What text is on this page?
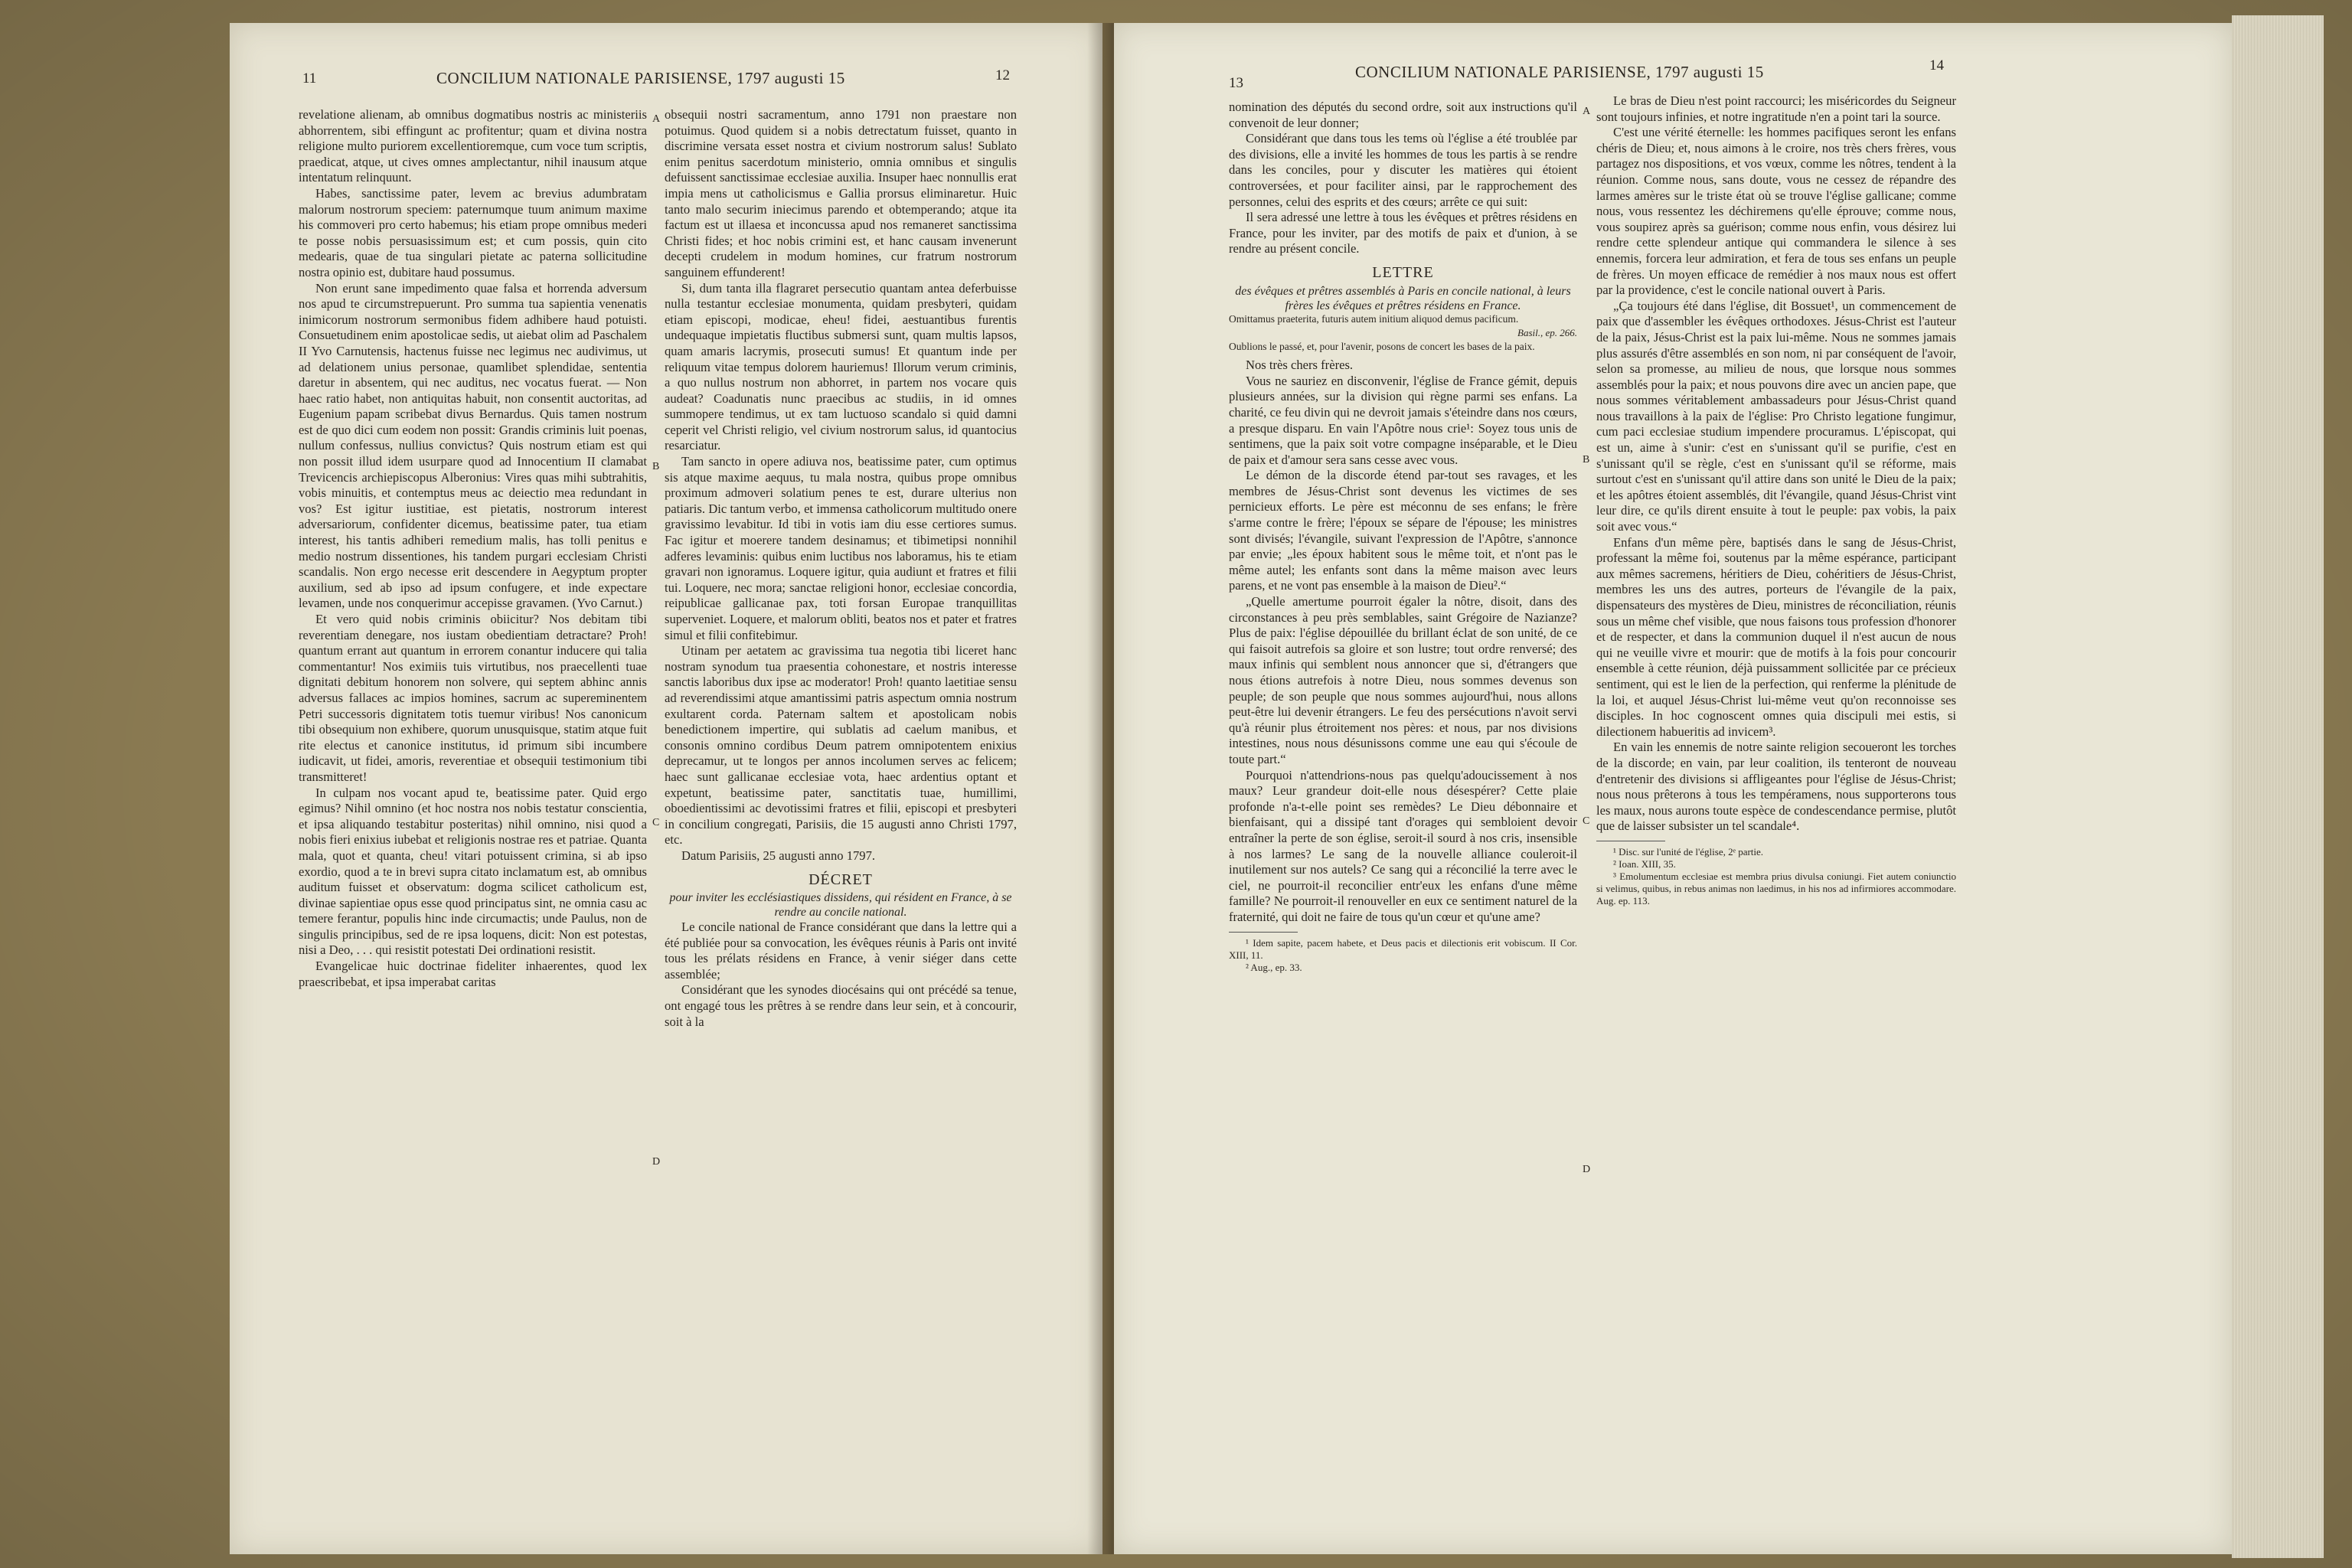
11	CONCILIUM NATIONALE PARISIENSE, 1797 augusti 15	12

revelatione alienam, ab omnibus dogmatibus nostris ac ministeriis abhorrentem, sibi effingunt ac profitentur; quam et divina nostra religione multo puriorem excellentioremque, cum voce tum scriptis, praedicat, atque, ut cives omnes amplectantur, nihil inausum atque intentatum relinquunt.

Habes, sanctissime pater, levem ac brevius adumbratam malorum nostrorum speciem: paternumque tuum animum maxime his commoveri pro certo habemus; his etiam prope omnibus mederi te posse nobis persuasissimum est; et cum possis, quin cito medearis, quae de tua singulari pietate ac paterna sollicitudine nostra opinio est, dubitare haud possumus.

Non erunt sane impedimento quae falsa et horrenda adversum nos apud te circumstrepuerunt. Pro summa tua sapientia venenatis inimicorum nostrorum sermonibus fidem adhibere haud potuisti. Consuetudinem enim apostolicae sedis, ut aiebat olim ad Paschalem II Yvo Carnutensis, hactenus fuisse nec legimus nec audivimus, ut ad delationem unius personae, quamlibet splendidae, sententia daretur in absentem, qui nec auditus, nec vocatus fuerat. — Non haec ratio habet, non antiquitas habuit, non consentit auctoritas, ad Eugenium papam scribebat divus Bernardus. Quis tamen nostrum est de quo dici cum eodem non possit: Grandis criminis luit poenas, nullum confessus, nullius convictus? Quis nostrum etiam est qui non possit illud idem usurpare quod ad Innocentium II clamabat Trevicencis archiepiscopus Alberonius: Vires quas mihi subtrahitis, vobis minuitis, et contemptus meus ac deiectio mea redundant in vos? Est igitur iustitiae, est pietatis, nostrorum interest adversariorum, confidenter dicemus, beatissime pater, tua etiam interest, his tantis adhiberi remedium malis, has tolli penitus e medio nostrum dissentiones, his tandem purgari ecclesiam Christi scandalis. Non ergo necesse erit descendere in Aegyptum propter auxilium, sed ab ipso ad ipsum confugere, et inde expectare levamen, unde nos conquerimur accepisse gravamen. (Yvo Carnut.)

Et vero quid nobis criminis obiicitur? Nos debitam tibi reverentiam denegare, nos iustam obedientiam detractare? Proh! quantum errant aut quantum in errorem conantur inducere qui talia commentantur! Nos eximiis tuis virtutibus, nos praecellenti tuae dignitati debitum honorem non solvere, qui septem abhinc annis adversus fallaces ac impios homines, sacrum ac supereminentem Petri successoris dignitatem totis tuemur viribus! Nos canonicum tibi obsequium non exhibere, quorum unusquisque, statim atque fuit rite electus et canonice institutus, id primum sibi incumbere iudicavit, ut fidei, amoris, reverentiae et obsequii testimonium tibi transmitteret!

In culpam nos vocant apud te, beatissime pater. Quid ergo egimus? Nihil omnino (et hoc nostra nos nobis testatur conscientia, et ipsa aliquando testabitur posteritas) nihil omnino, nisi quod a nobis fieri enixius iubebat et religionis nostrae res et patriae. Quanta mala, quot et quanta, cheu! vitari potuissent crimina, si ab ipso exordio, quod a te in brevi supra citato inclamatum est, ab omnibus auditum fuisset et observatum: dogma scilicet catholicum est, divinae sapientiae opus esse quod principatus sint, ne omnia casu ac temere ferantur, populis hinc inde circumactis; unde Paulus, non de singulis principibus, sed de re ipsa loquens, dicit: Non est potestas, nisi a Deo, . . . qui resistit potestati Dei ordinationi resistit.

Evangelicae huic doctrinae fideliter inhaerentes, quod lex praescribebat, et ipsa imperabat caritas

A
B
C
D

obsequii nostri sacramentum, anno 1791 non praestare non potuimus. Quod quidem si a nobis detrectatum fuisset, quanto in discrimine versata esset nostra et civium nostrorum salus! Sublato enim penitus sacerdotum ministerio, omnia omnibus et singulis defuissent sanctissimae ecclesiae auxilia. Insuper haec nonnullis erat impia mens ut catholicismus e Gallia prorsus eliminaretur. Huic tanto malo securim iniecimus parendo et obtemperando; atque ita factum est ut illaesa et inconcussa apud nos remaneret sanctissima Christi fides; et hoc nobis crimini est, et hanc causam invenerunt decepti crudelem in modum homines, cur fratrum nostrorum sanguinem effunderent!

Si, dum tanta illa flagraret persecutio quantam antea deferbuisse nulla testantur ecclesiae monumenta, quidam presbyteri, quidam etiam episcopi, modicae, eheu! fidei, aestuantibus furentis undequaque impietatis fluctibus submersi sunt, quam multis lapsos, quam amaris lacrymis, prosecuti sumus! Et quantum inde per reliquum vitae tempus dolorem hauriemus! Illorum verum criminis, a quo nullus nostrum non abhorret, in partem nos vocare quis audeat? Coadunatis nunc praecibus ac studiis, in id omnes summopere tendimus, ut ex tam luctuoso scandalo si quid damni ceperit vel Christi religio, vel civium nostrorum salus, id quantocius resarciatur.

Tam sancto in opere adiuva nos, beatissime pater, cum optimus sis atque maxime aequus, tu mala nostra, quibus prope omnibus proximum admoveri solatium penes te est, durare ulterius non patiaris. Dic tantum verbo, et immensa catholicorum multitudo onere gravissimo levabitur. Id tibi in votis iam diu esse certiores sumus. Fac igitur et moerere tandem desinamus; et tibimetipsi nonnihil adferes levaminis: quibus enim luctibus nos laboramus, his te etiam gravari non ignoramus. Loquere igitur, quia audiunt et fratres et filii tui. Loquere, nec mora; sanctae religioni honor, ecclesiae concordia, reipublicae gallicanae pax, toti forsan Europae tranquillitas superveniet. Loquere, et malorum obliti, beatos nos et pater et fratres simul et filii confitebimur.

Utinam per aetatem ac gravissima tua negotia tibi liceret hanc nostram synodum tua praesentia cohonestare, et nostris interesse sanctis laboribus dux ipse ac moderator! Proh! quanto laetitiae sensu ad reverendissimi atque amantissimi patris aspectum omnia nostrum exultarent corda. Paternam saltem et apostolicam nobis benedictionem impertire, qui sublatis ad caelum manibus, et consonis omnino cordibus Deum patrem omnipotentem enixius deprecamur, ut te longos per annos incolumen serves ac felicem; haec sunt gallicanae ecclesiae vota, haec ardentius optant et expetunt, beatissime pater, sanctitatis tuae, humillimi, oboedientissimi ac devotissimi fratres et filii, episcopi et presbyteri in concilium congregati, Parisiis, die 15 augusti anno Christi 1797, etc.

Datum Parisiis, 25 augusti anno 1797.

DÉCRET

pour inviter les ecclésiastiques dissidens, qui résident en France, à se rendre au concile national.

Le concile national de France considérant que dans la lettre qui a été publiée pour sa convocation, les évêques réunis à Paris ont invité tous les prélats résidens en France, à venir siéger dans cette assemblée;

Considérant que les synodes diocésains qui ont précédé sa tenue, ont engagé tous les prêtres à se rendre dans leur sein, et à concourir, soit à la

13
CONCILIUM NATIONALE PARISIENSE, 1797 augusti 15	14

nomination des députés du second ordre, soit aux instructions qu'il convenoit de leur donner;

Considérant que dans tous les tems où l'église a été troublée par des divisions, elle a invité les hommes de tous les partis à se rendre dans les conciles, pour y discuter les matières qui étoient controversées, et pour faciliter ainsi, par le rapprochement des personnes, celui des esprits et des cœurs; arrête ce qui suit:

Il sera adressé une lettre à tous les évêques et prêtres résidens en France, pour les inviter, par des motifs de paix et d'union, à se rendre au présent concile.

LETTRE

des évêques et prêtres assemblés à Paris en concile national, à leurs frères les évêques et prêtres résidens en France.

Omittamus praeterita, futuris autem initium aliquod demus pacificum.

Basil., ep. 266.

Oublions le passé, et, pour l'avenir, posons de concert les bases de la paix.

Nos très chers frères.

Vous ne sauriez en disconvenir, l'église de France gémit, depuis plusieurs années, sur la division qui règne parmi ses enfans. La charité, ce feu divin qui ne devroit jamais s'éteindre dans nos cœurs, a presque disparu. En vain l'Apôtre nous crie¹: Soyez tous unis de sentimens, que la paix soit votre compagne inséparable, et le Dieu de paix et d'amour sera sans cesse avec vous.

Le démon de la discorde étend par-tout ses ravages, et les membres de Jésus-Christ sont devenus les victimes de ses pernicieux efforts. Le père est méconnu de ses enfans; le frère s'arme contre le frère; l'époux se sépare de l'épouse; les ministres sont divisés; l'évangile, suivant l'expression de l'Apôtre, s'annonce par envie; „les époux habitent sous le même toit, et n'ont pas le même autel; les enfants sont dans la même maison avec leurs parens, et ne vont pas ensemble à la maison de Dieu².“

„Quelle amertume pourroit égaler la nôtre, disoit, dans des circonstances à peu près semblables, saint Grégoire de Nazianze? Plus de paix: l'église dépouillée du brillant éclat de son unité, de ce qui faisoit autrefois sa gloire et son lustre; tout ordre renversé; des maux infinis qui semblent nous annoncer que si, d'étrangers que nous étions autrefois à notre Dieu, nous sommes devenus son peuple; de son peuple que nous sommes aujourd'hui, nous allons peut-être lui devenir étrangers. Le feu des persécutions n'avoit servi qu'à réunir plus étroitement nos pères: et nous, par nos divisions intestines, nous nous désunissons comme une eau qui s'écoule de toute part.“

Pourquoi n'attendrions-nous pas quelqu'adoucissement à nos maux? Leur grandeur doit-elle nous désespérer? Cette plaie profonde n'a-t-elle point ses remèdes? Le Dieu débonnaire et bienfaisant, qui a dissipé tant d'orages qui sembloient devoir entraîner la perte de son église, seroit-il sourd à nos cris, insensible à nos larmes? Le sang de la nouvelle alliance couleroit-il inutilement sur nos autels? Ce sang qui a réconcilié la terre avec le ciel, ne pourroit-il reconcilier entr'eux les enfans d'une même famille? Ne pourroit-il renouveller en eux ce sentiment naturel de la fraternité, qui doit ne faire de tous qu'un cœur et qu'une ame?

¹ Idem sapite, pacem habete, et Deus pacis et dilectionis erit vobiscum. II Cor. XIII, 11.

² Aug., ep. 33.

A
B
C
D

Le bras de Dieu n'est point raccourci; les miséricordes du Seigneur sont toujours infinies, et notre ingratitude n'en a point tari la source.

C'est une vérité éternelle: les hommes pacifiques seront les enfans chéris de Dieu; et, nous aimons à le croire, nos très chers frères, vous partagez nos dispositions, et vos vœux, comme les nôtres, tendent à la réunion. Comme nous, sans doute, vous ne cessez de répandre des larmes amères sur le triste état où se trouve l'église gallicane; comme nous, vous ressentez les déchiremens qu'elle éprouve; comme nous, vous soupirez après sa guérison; comme nous enfin, vous désirez lui rendre cette splendeur antique qui commandera le silence à ses ennemis, forcera leur admiration, et fera de tous ses enfans un peuple de frères. Un moyen efficace de remédier à nos maux nous est offert par la providence, c'est le concile national ouvert à Paris.

„Ça toujours été dans l'église, dit Bossuet¹, un commencement de paix que d'assembler les évêques orthodoxes. Jésus-Christ est l'auteur de la paix, Jésus-Christ est la paix lui-même. Nous ne sommes jamais plus assurés d'être assemblés en son nom, ni par conséquent de l'avoir, selon sa promesse, au milieu de nous, que lorsque nous sommes assemblés pour la paix; et nous pouvons dire avec un ancien pape, que nous sommes véritablement ambassadeurs pour Jésus-Christ quand nous travaillons à la paix de l'église: Pro Christo legatione fungimur, cum paci ecclesiae studium impendere procuramus. L'épiscopat, qui est un, aime à s'unir: c'est en s'unissant qu'il se purifie, c'est en s'unissant qu'il se règle, c'est en s'unissant qu'il se réforme, mais surtout c'est en s'unissant qu'il attire dans son unité le Dieu de la paix; et les apôtres étoient assemblés, dit l'évangile, quand Jésus-Christ vint leur dire, ce qu'ils dirent ensuite à tout le peuple: pax vobis, la paix soit avec vous.“

Enfans d'un même père, baptisés dans le sang de Jésus-Christ, professant la même foi, soutenus par la même espérance, participant aux mêmes sacremens, héritiers de Dieu, cohéritiers de Jésus-Christ, membres les uns des autres, porteurs de l'évangile de la paix, dispensateurs des mystères de Dieu, ministres de réconciliation, réunis sous un même chef visible, que nous faisons tous profession d'honorer et de respecter, et dans la communion duquel il n'est aucun de nous qui ne veuille vivre et mourir: que de motifs à la fois pour concourir ensemble à cette réunion, déjà puissamment sollicitée par ce précieux sentiment, qui est le lien de la perfection, qui renferme la plénitude de la loi, et auquel Jésus-Christ lui-même veut qu'on reconnoisse ses disciples. In hoc cognoscent omnes quia discipuli mei estis, si dilectionem habueritis ad invicem³.

En vain les ennemis de notre sainte religion secoueront les torches de la discorde; en vain, par leur coalition, ils tenteront de nouveau d'entretenir des divisions si affligeantes pour l'église de Jésus-Christ; nous nous prêterons à tous les tempéramens, nous supporterons tous les maux, nous aurons toute espèce de condescendance permise, plutôt que de laisser subsister un tel scandale⁴.

¹ Disc. sur l'unité de l'église, 2ᵉ partie.

² Ioan. XIII, 35.

³ Emolumentum ecclesiae est membra prius divulsa coniungi. Fiet autem coniunctio si velimus, quibus, in rebus animas non laedimus, in his nos ad infirmiores accommodare. Aug. ep. 113.
